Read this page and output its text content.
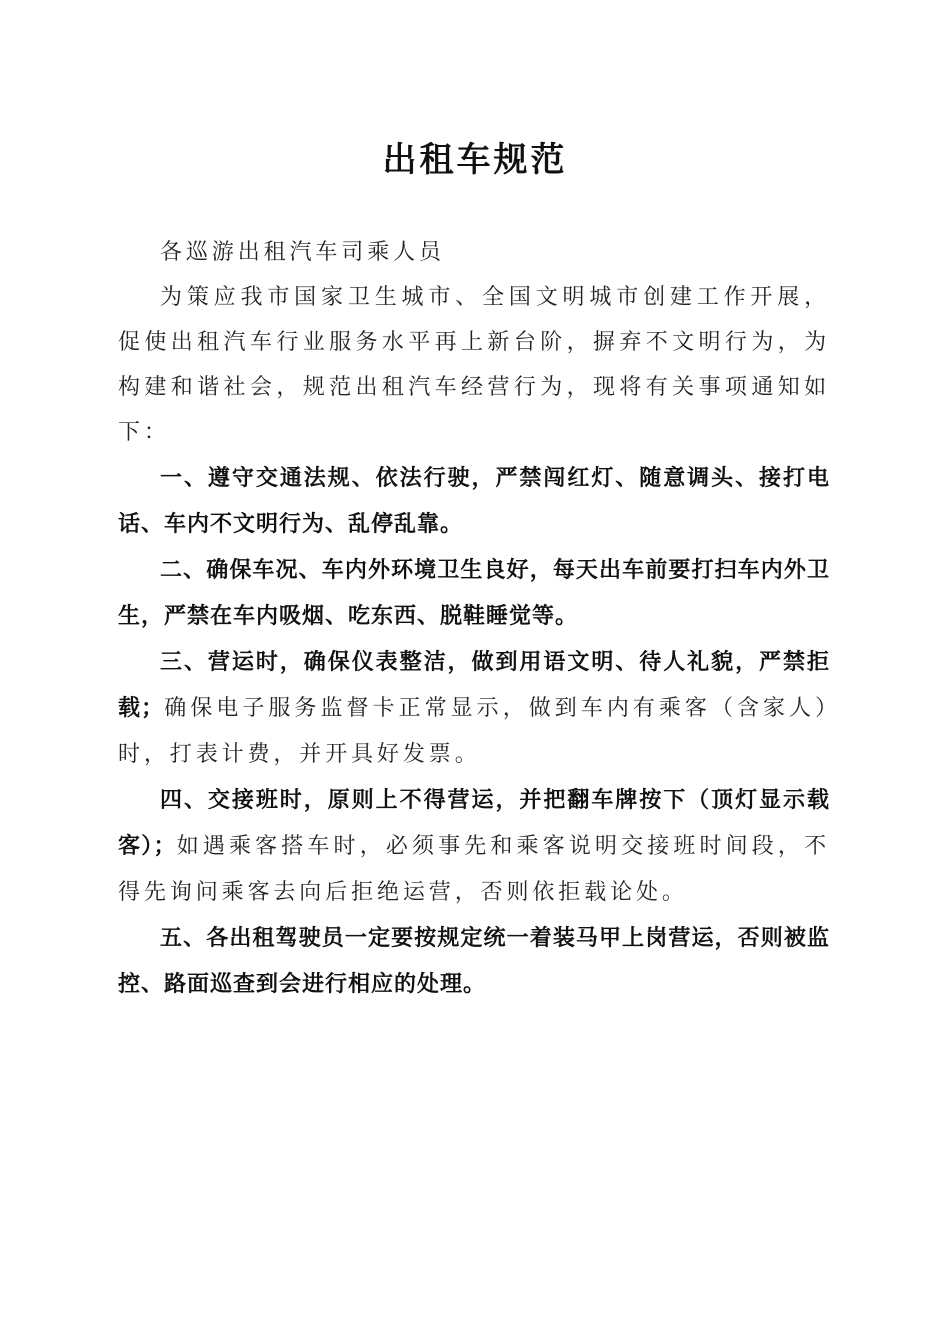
出租车规范

各巡游出租汽车司乘人员

为策应我市国家卫生城市、全国文明城市创建工作开展，促使出租汽车行业服务水平再上新台阶，摒弃不文明行为，为构建和谐社会，规范出租汽车经营行为，现将有关事项通知如下：

一、遵守交通法规、依法行驶，严禁闯红灯、随意调头、接打电话、车内不文明行为、乱停乱靠。

二、确保车况、车内外环境卫生良好，每天出车前要打扫车内外卫生，严禁在车内吸烟、吃东西、脱鞋睡觉等。

三、营运时，确保仪表整洁，做到用语文明、待人礼貌，严禁拒载；确保电子服务监督卡正常显示，做到车内有乘客（含家人）时，打表计费，并开具好发票。

四、交接班时，原则上不得营运，并把翻车牌按下（顶灯显示载客）；如遇乘客搭车时，必须事先和乘客说明交接班时间段，不得先询问乘客去向后拒绝运营，否则依拒载论处。

五、各出租驾驶员一定要按规定统一着装马甲上岗营运，否则被监控、路面巡查到会进行相应的处理。
